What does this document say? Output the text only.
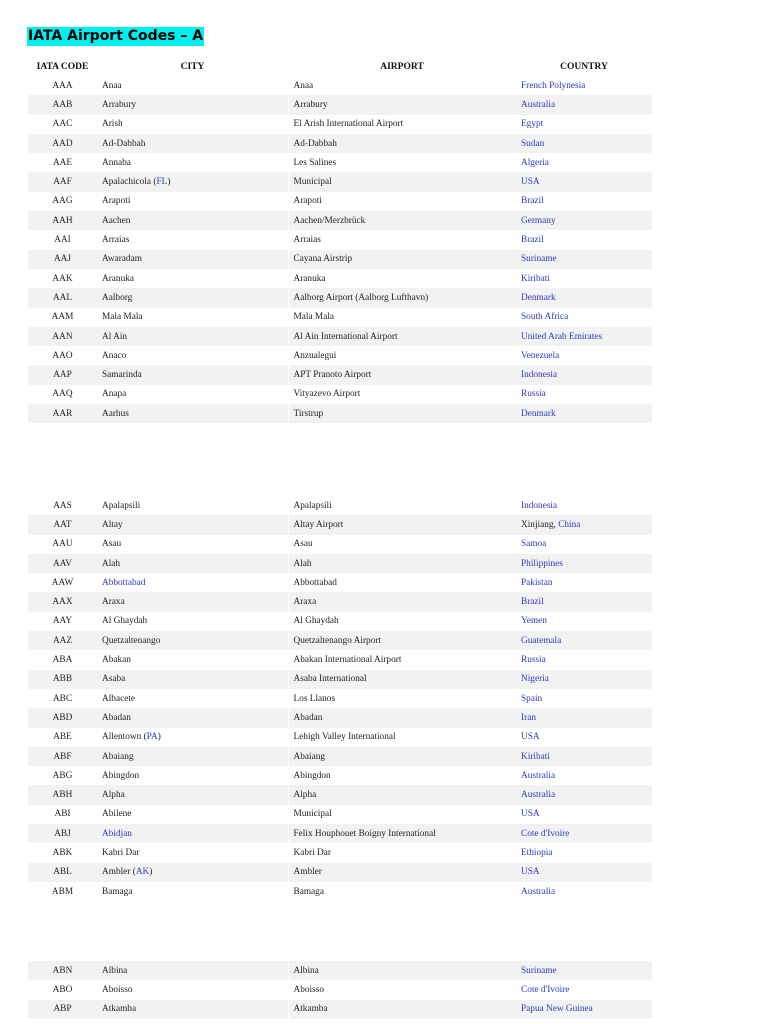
IATA Airport Codes – A
IATA CODE	CITY	AIRPORT	COUNTRY
AAA	Anaa	Anaa	French Polynesia
AAB	Arrabury	Arrabury	Australia
AAC	Arish	El Arish International Airport	Egypt
AAD	Ad-Dabbah	Ad-Dabbah	Sudan
AAE	Annaba	Les Salines	Algeria
AAF	Apalachicola (FL)	Municipal	USA
AAG	Arapoti	Arapoti	Brazil
AAH	Aachen	Aachen/Merzbrück	Germany
AAI	Arraias	Arraias	Brazil
AAJ	Awaradam	Cayana Airstrip	Suriname
AAK	Aranuka	Aranuka	Kiribati
AAL	Aalborg	Aalborg Airport (Aalborg Lufthavn)	Denmark
AAM	Mala Mala	Mala Mala	South Africa
AAN	Al Ain	Al Ain International Airport	United Arab Emirates
AAO	Anaco	Anzualegui	Venezuela
AAP	Samarinda	APT Pranoto Airport	Indonesia
AAQ	Anapa	Vityazevo Airport	Russia
AAR	Aarhus	Tirstrup	Denmark
AAS	Apalapsili	Apalapsili	Indonesia
AAT	Altay	Altay Airport	Xinjiang, China
AAU	Asau	Asau	Samoa
AAV	Alah	Alah	Philippines
AAW	Abbottabad	Abbottabad	Pakistan
AAX	Araxa	Araxa	Brazil
AAY	Al Ghaydah	Al Ghaydah	Yemen
AAZ	Quetzaltenango	Quetzaltenango Airport	Guatemala
ABA	Abakan	Abakan International Airport	Russia
ABB	Asaba	Asaba International	Nigeria
ABC	Albacete	Los Llanos	Spain
ABD	Abadan	Abadan	Iran
ABE	Allentown (PA)	Lehigh Valley International	USA
ABF	Abaiang	Abaiang	Kiribati
ABG	Abingdon	Abingdon	Australia
ABH	Alpha	Alpha	Australia
ABI	Abilene	Municipal	USA
ABJ	Abidjan	Felix Houphouet Boigny International	Cote d'Ivoire
ABK	Kabri Dar	Kabri Dar	Ethiopia
ABL	Ambler (AK)	Ambler	USA
ABM	Bamaga	Bamaga	Australia
ABN	Albina	Albina	Suriname
ABO	Aboisso	Aboisso	Cote d'Ivoire
ABP	Atkamba	Atkamba	Papua New Guinea
